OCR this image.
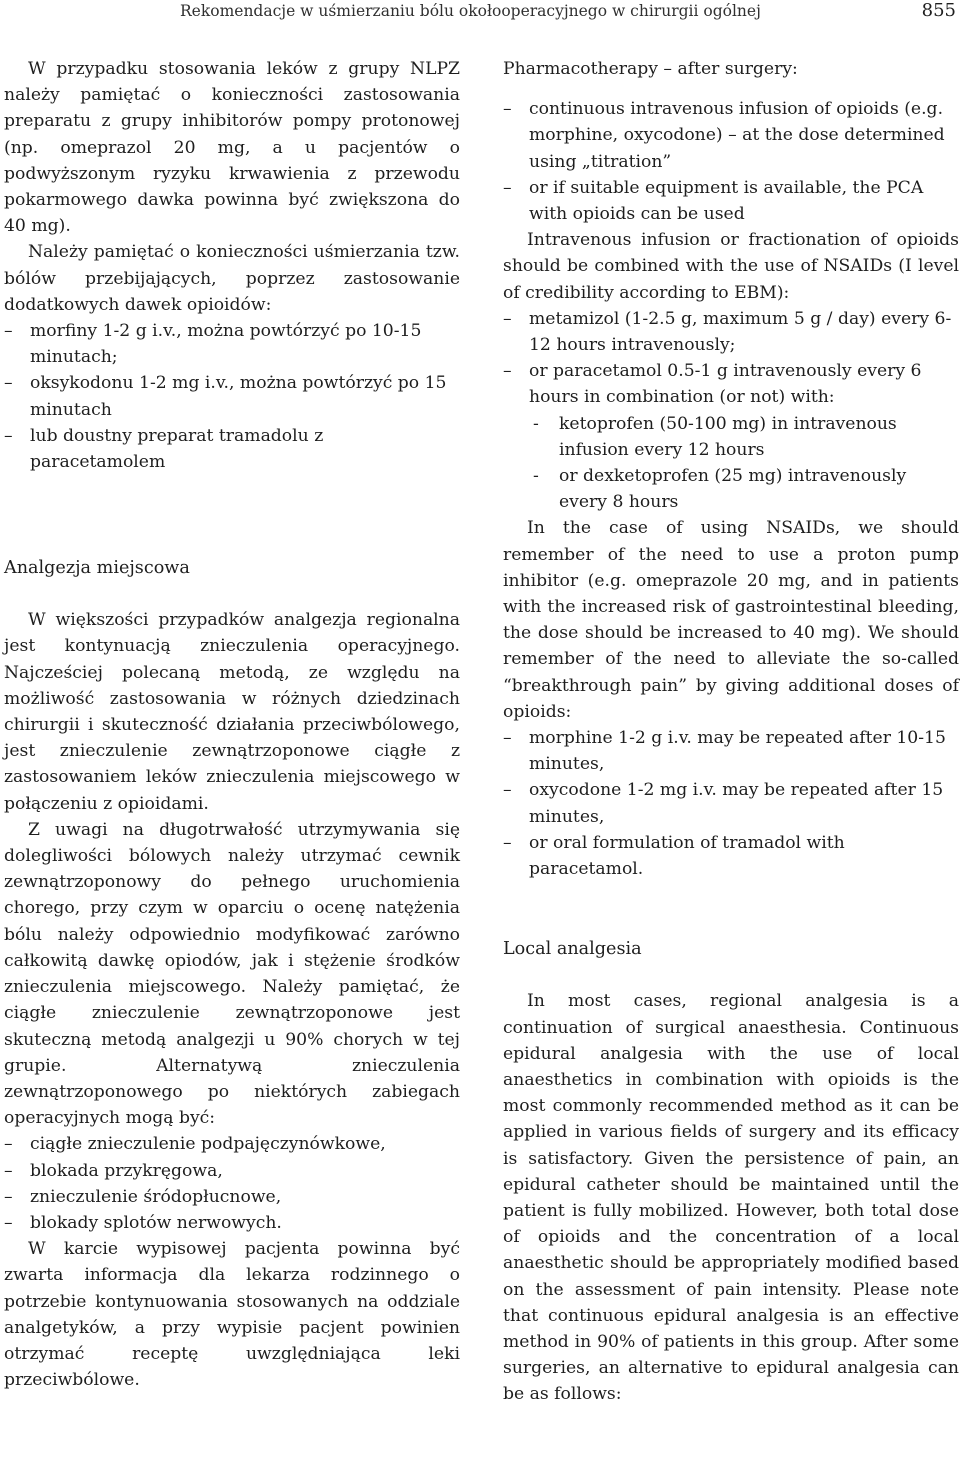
Rekomendacje w uśmierzaniu bólu okołooperacyjnego w chirurgii ogólnej	855

W przypadku stosowania leków z grupy NLPZ należy pamiętać o konieczności zastosowania preparatu z grupy inhibitorów pompy protonowej (np. omeprazol 20 mg, a u pacjentów o podwyższonym ryzyku krwawienia z przewodu pokarmowego dawka powinna być zwiększona do 40 mg).

Należy pamiętać o konieczności uśmierzania tzw. bólów przebijających, poprzez zastosowanie dodatkowych dawek opioidów:

– morfiny 1-2 g i.v., można powtórzyć po 10-15 minutach;
– oksykodonu 1-2 mg i.v., można powtórzyć po 15 minutach
– lub doustny preparat tramadolu z paracetamolem
Analgezja miejscowa

W większości przypadków analgezja regionalna jest kontynuacją znieczulenia operacyjnego. Najcześciej polecaną metodą, ze względu na możliwość zastosowania w różnych dziedzinach chirurgii i skuteczność działania przeciwbólowego, jest znieczulenie zewnątrzoponowe ciągłe z zastosowaniem leków znieczulenia miejscowego w połączeniu z opioidami.

Z uwagi na długotrwałość utrzymywania się dolegliwości bólowych należy utrzymać cewnik zewnątrzoponowy do pełnego uruchomienia chorego, przy czym w oparciu o ocenę natężenia bólu należy odpowiednio modyfikować zarówno całkowitą dawkę opiodów, jak i stężenie środków znieczulenia miejscowego. Należy pamiętać, że ciągłe znieczulenie zewnątrzoponowe jest skuteczną metodą analgezji u 90% chorych w tej grupie. Alternatywą znieczulenia zewnątrzoponowego po niektórych zabiegach operacyjnych mogą być:

– ciągłe znieczulenie podpajęczynówkowe,
– blokada przykręgowa,
– znieczulenie śródopłucnowe,
– blokady splotów nerwowych.

W karcie wypisowej pacjenta powinna być zwarta informacja dla lekarza rodzinnego o potrzebie kontynuowania stosowanych na oddziale analgetyków, a przy wypisie pacjent powinien otrzymać receptę uwzględniająca leki przeciwbólowe.

Pharmacotherapy – after surgery:

– continuous intravenous infusion of opioids (e.g. morphine, oxycodone) – at the dose determined using „titration”
– or if suitable equipment is available, the PCA with opioids can be used

Intravenous infusion or fractionation of opioids should be combined with the use of NSAIDs (I level of credibility according to EBM):

– metamizol (1-2.5 g, maximum 5 g / day) every 6-12 hours intravenously;
– or paracetamol 0.5-1 g intravenously every 6 hours in combination (or not) with:
- ketoprofen (50-100 mg) in intravenous infusion every 12 hours
- or dexketoprofen (25 mg) intravenously every 8 hours

In the case of using NSAIDs, we should remember of the need to use a proton pump inhibitor (e.g. omeprazole 20 mg, and in patients with the increased risk of gastrointestinal bleeding, the dose should be increased to 40 mg). We should remember of the need to alleviate the so-called “breakthrough pain” by giving additional doses of opioids:

– morphine 1-2 g i.v. may be repeated after 10-15 minutes,
– oxycodone 1-2 mg i.v. may be repeated after 15 minutes,
– or oral formulation of tramadol with paracetamol.
Local analgesia

In most cases, regional analgesia is a continuation of surgical anaesthesia. Continuous epidural analgesia with the use of local anaesthetics in combination with opioids is the most commonly recommended method as it can be applied in various fields of surgery and its efficacy is satisfactory. Given the persistence of pain, an epidural catheter should be maintained until the patient is fully mobilized. However, both total dose of opioids and the concentration of a local anaesthetic should be appropriately modified based on the assessment of pain intensity. Please note that continuous epidural analgesia is an effective method in 90% of patients in this group. After some surgeries, an alternative to epidural analgesia can be as follows:
